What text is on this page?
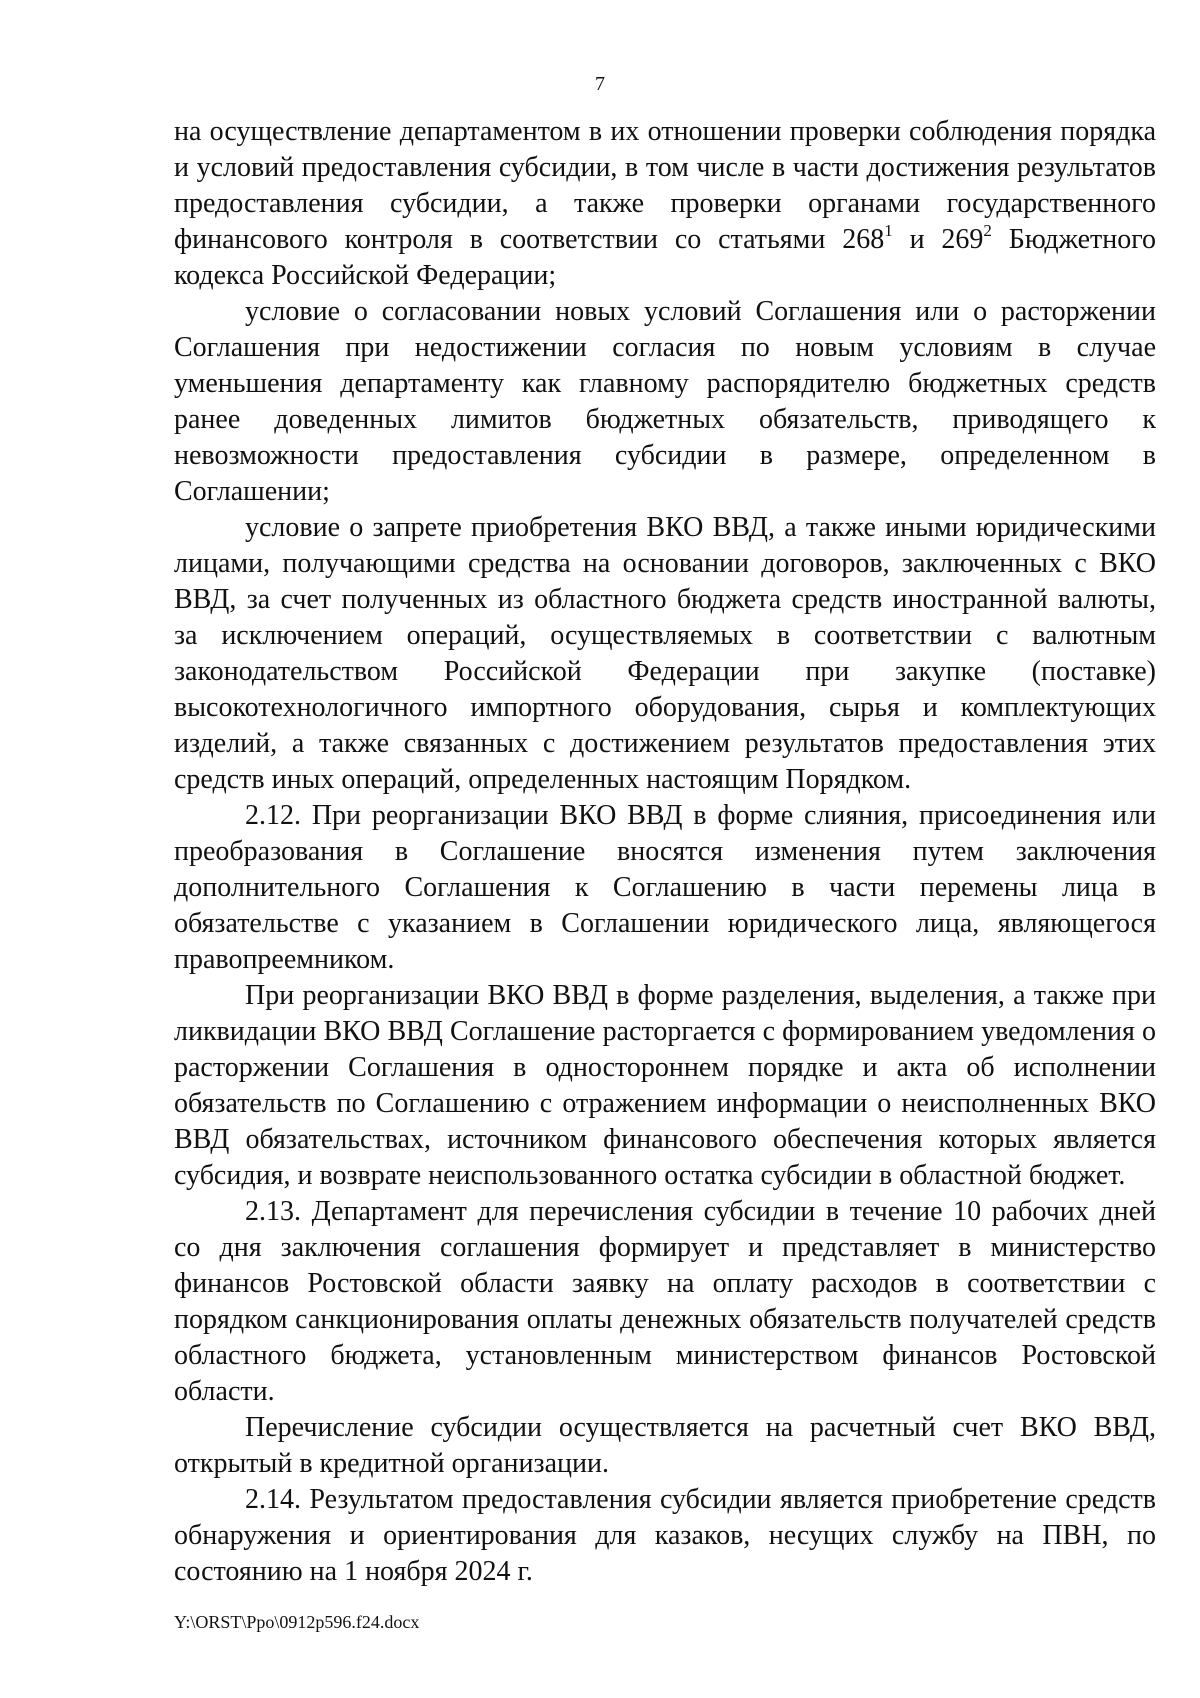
7

на осуществление департаментом в их отношении проверки соблюдения порядка и условий предоставления субсидии, в том числе в части достижения результатов предоставления субсидии, а также проверки органами государственного финансового контроля в соответствии со статьями $268^1$ и $269^2$ Бюджетного кодекса Российской Федерации;

условие о согласовании новых условий Соглашения или о расторжении Соглашения при недостижении согласия по новым условиям в случае уменьшения департаменту как главному распорядителю бюджетных средств ранее доведенных лимитов бюджетных обязательств, приводящего к невозможности предоставления субсидии в размере, определенном в Соглашении;

условие о запрете приобретения ВКО ВВД, а также иными юридическими лицами, получающими средства на основании договоров, заключенных с ВКО ВВД, за счет полученных из областного бюджета средств иностранной валюты, за исключением операций, осуществляемых в соответствии с валютным законодательством Российской Федерации при закупке (поставке) высокотехнологичного импортного оборудования, сырья и комплектующих изделий, а также связанных с достижением результатов предоставления этих средств иных операций, определенных настоящим Порядком.

2.12. При реорганизации ВКО ВВД в форме слияния, присоединения или преобразования в Соглашение вносятся изменения путем заключения дополнительного Соглашения к Соглашению в части перемены лица в обязательстве с указанием в Соглашении юридического лица, являющегося правопреемником.

При реорганизации ВКО ВВД в форме разделения, выделения, а также при ликвидации ВКО ВВД Соглашение расторгается с формированием уведомления о расторжении Соглашения в одностороннем порядке и акта об исполнении обязательств по Соглашению с отражением информации о неисполненных ВКО ВВД обязательствах, источником финансового обеспечения которых является субсидия, и возврате неиспользованного остатка субсидии в областной бюджет.

2.13. Департамент для перечисления субсидии в течение 10 рабочих дней со дня заключения соглашения формирует и представляет в министерство финансов Ростовской области заявку на оплату расходов в соответствии с порядком санкционирования оплаты денежных обязательств получателей средств областного бюджета, установленным министерством финансов Ростовской области.

Перечисление субсидии осуществляется на расчетный счет ВКО ВВД, открытый в кредитной организации.

2.14. Результатом предоставления субсидии является приобретение средств обнаружения и ориентирования для казаков, несущих службу на ПВН, по состоянию на 1 ноября 2024 г.

Y:\ORST\Ppo\0912p596.f24.docx
